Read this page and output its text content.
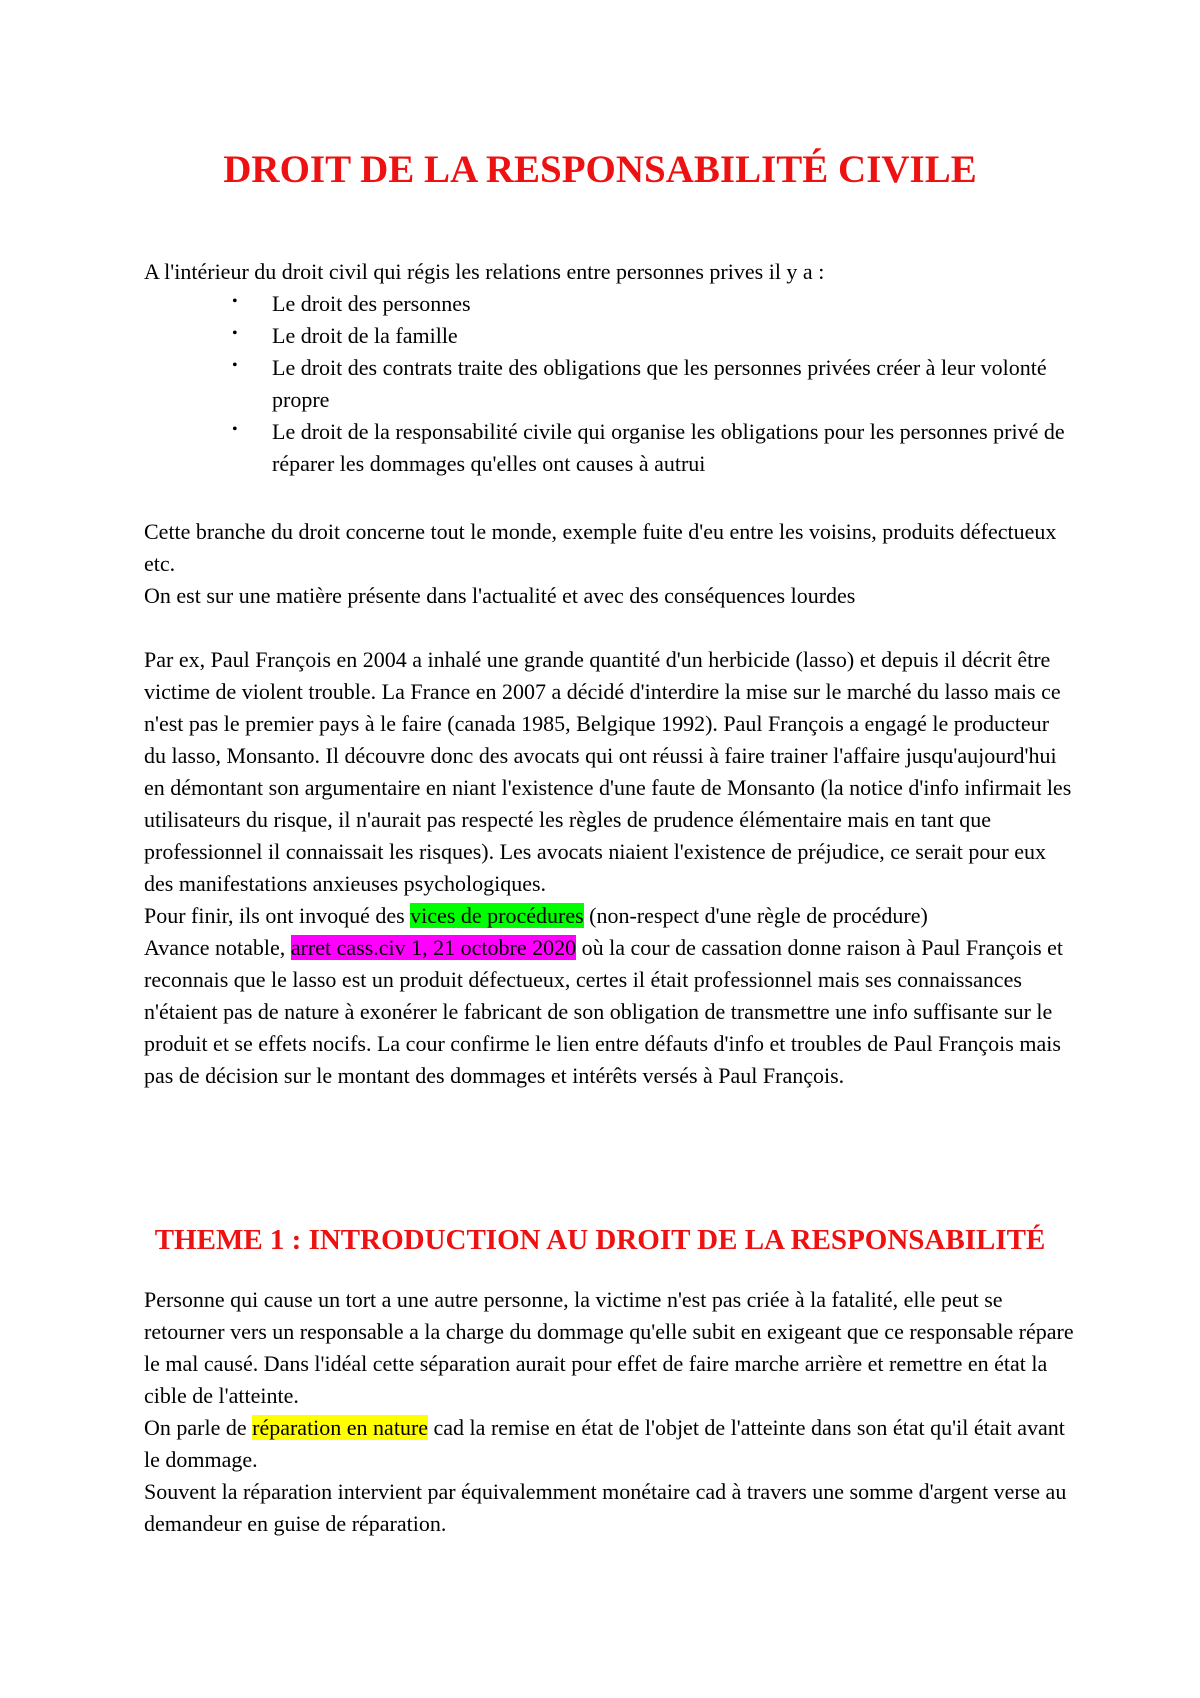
DROIT DE LA RESPONSABILITÉ CIVILE

A l'intérieur du droit civil qui régis les relations entre personnes prives il y a :

• Le droit des personnes
• Le droit de la famille
• Le droit des contrats traite des obligations que les personnes privées créer à leur volonté propre
• Le droit de la responsabilité civile qui organise les obligations pour les personnes privé de réparer les dommages qu'elles ont causes à autrui

Cette branche du droit concerne tout le monde, exemple fuite d'eu entre les voisins, produits défectueux etc.

On est sur une matière présente dans l'actualité et avec des conséquences lourdes

Par ex, Paul François en 2004 a inhalé une grande quantité d'un herbicide (lasso) et depuis il décrit être victime de violent trouble. La France en 2007 a décidé d'interdire la mise sur le marché du lasso mais ce n'est pas le premier pays à le faire (canada 1985, Belgique 1992). Paul François a engagé le producteur du lasso, Monsanto. Il découvre donc des avocats qui ont réussi à faire trainer l'affaire jusqu'aujourd'hui en démontant son argumentaire en niant l'existence d'une faute de Monsanto (la notice d'info infirmait les utilisateurs du risque, il n'aurait pas respecté les règles de prudence élémentaire mais en tant que professionnel il connaissait les risques). Les avocats niaient l'existence de préjudice, ce serait pour eux des manifestations anxieuses psychologiques.

Pour finir, ils ont invoqué des vices de procédures (non-respect d'une règle de procédure)

Avance notable, arret cass.civ 1, 21 octobre 2020 où la cour de cassation donne raison à Paul François et reconnais que le lasso est un produit défectueux, certes il était professionnel mais ses connaissances n'étaient pas de nature à exonérer le fabricant de son obligation de transmettre une info suffisante sur le produit et se effets nocifs. La cour confirme le lien entre défauts d'info et troubles de Paul François mais pas de décision sur le montant des dommages et intérêts versés à Paul François.

THEME 1 : INTRODUCTION AU DROIT DE LA RESPONSABILITÉ

Personne qui cause un tort a une autre personne, la victime n'est pas criée à la fatalité, elle peut se retourner vers un responsable a la charge du dommage qu'elle subit en exigeant que ce responsable répare le mal causé. Dans l'idéal cette séparation aurait pour effet de faire marche arrière et remettre en état la cible de l'atteinte.

On parle de réparation en nature cad la remise en état de l'objet de l'atteinte dans son état qu'il était avant le dommage.

Souvent la réparation intervient par équivalemment monétaire cad à travers une somme d'argent verse au demandeur en guise de réparation.
